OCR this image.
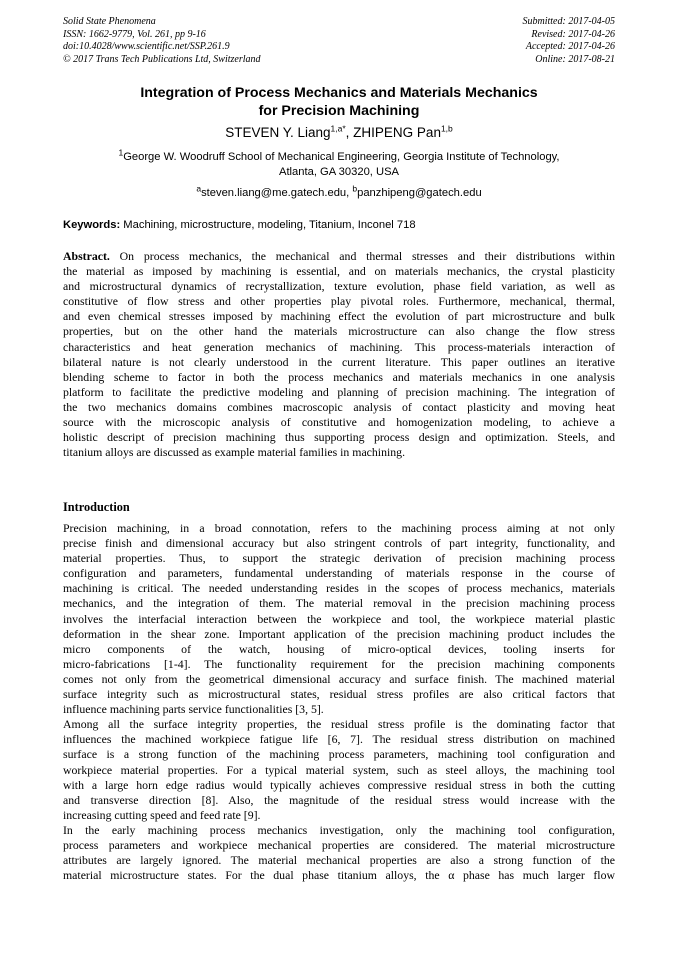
Solid State Phenomena
ISSN: 1662-9779, Vol. 261, pp 9-16
doi:10.4028/www.scientific.net/SSP.261.9
© 2017 Trans Tech Publications Ltd, Switzerland
Submitted: 2017-04-05
Revised: 2017-04-26
Accepted: 2017-04-26
Online: 2017-08-21
Integration of Process Mechanics and Materials Mechanics
for Precision Machining
STEVEN Y. Liang$^{1,a*}$, ZHIPENG Pan$^{1,b}$
$^1$George W. Woodruff School of Mechanical Engineering, Georgia Institute of Technology,
Atlanta, GA 30320, USA
$^a$steven.liang@me.gatech.edu, $^b$panzhipeng@gatech.edu
Keywords: Machining, microstructure, modeling, Titanium, Inconel 718
Abstract. On process mechanics, the mechanical and thermal stresses and their distributions within
the material as imposed by machining is essential, and on materials mechanics, the crystal plasticity
and microstructural dynamics of recrystallization, texture evolution, phase field variation, as well as
constitutive of flow stress and other properties play pivotal roles. Furthermore, mechanical, thermal,
and even chemical stresses imposed by machining effect the evolution of part microstructure and bulk
properties, but on the other hand the materials microstructure can also change the flow stress
characteristics and heat generation mechanics of machining. This process-materials interaction of
bilateral nature is not clearly understood in the current literature. This paper outlines an iterative
blending scheme to factor in both the process mechanics and materials mechanics in one analysis
platform to facilitate the predictive modeling and planning of precision machining. The integration of
the two mechanics domains combines macroscopic analysis of contact plasticity and moving heat
source with the microscopic analysis of constitutive and homogenization modeling, to achieve a
holistic descript of precision machining thus supporting process design and optimization. Steels, and
titanium alloys are discussed as example material families in machining.
Introduction
Precision machining, in a broad connotation, refers to the machining process aiming at not only
precise finish and dimensional accuracy but also stringent controls of part integrity, functionality, and
material properties. Thus, to support the strategic derivation of precision machining process
configuration and parameters, fundamental understanding of materials response in the course of
machining is critical. The needed understanding resides in the scopes of process mechanics, materials
mechanics, and the integration of them. The material removal in the precision machining process
involves the interfacial interaction between the workpiece and tool, the workpiece material plastic
deformation in the shear zone. Important application of the precision machining product includes the
micro components of the watch, housing of micro-optical devices, tooling inserts for
micro-fabrications [1-4]. The functionality requirement for the precision machining components
comes not only from the geometrical dimensional accuracy and surface finish. The machined material
surface integrity such as microstructural states, residual stress profiles are also critical factors that
influence machining parts service functionalities [3, 5].
Among all the surface integrity properties, the residual stress profile is the dominating factor that
influences the machined workpiece fatigue life [6, 7]. The residual stress distribution on machined
surface is a strong function of the machining process parameters, machining tool configuration and
workpiece material properties. For a typical material system, such as steel alloys, the machining tool
with a large horn edge radius would typically achieves compressive residual stress in both the cutting
and transverse direction [8]. Also, the magnitude of the residual stress would increase with the
increasing cutting speed and feed rate [9].
In the early machining process mechanics investigation, only the machining tool configuration,
process parameters and workpiece mechanical properties are considered. The material microstructure
attributes are largely ignored. The material mechanical properties are also a strong function of the
material microstructure states. For the dual phase titanium alloys, the α phase has much larger flow
